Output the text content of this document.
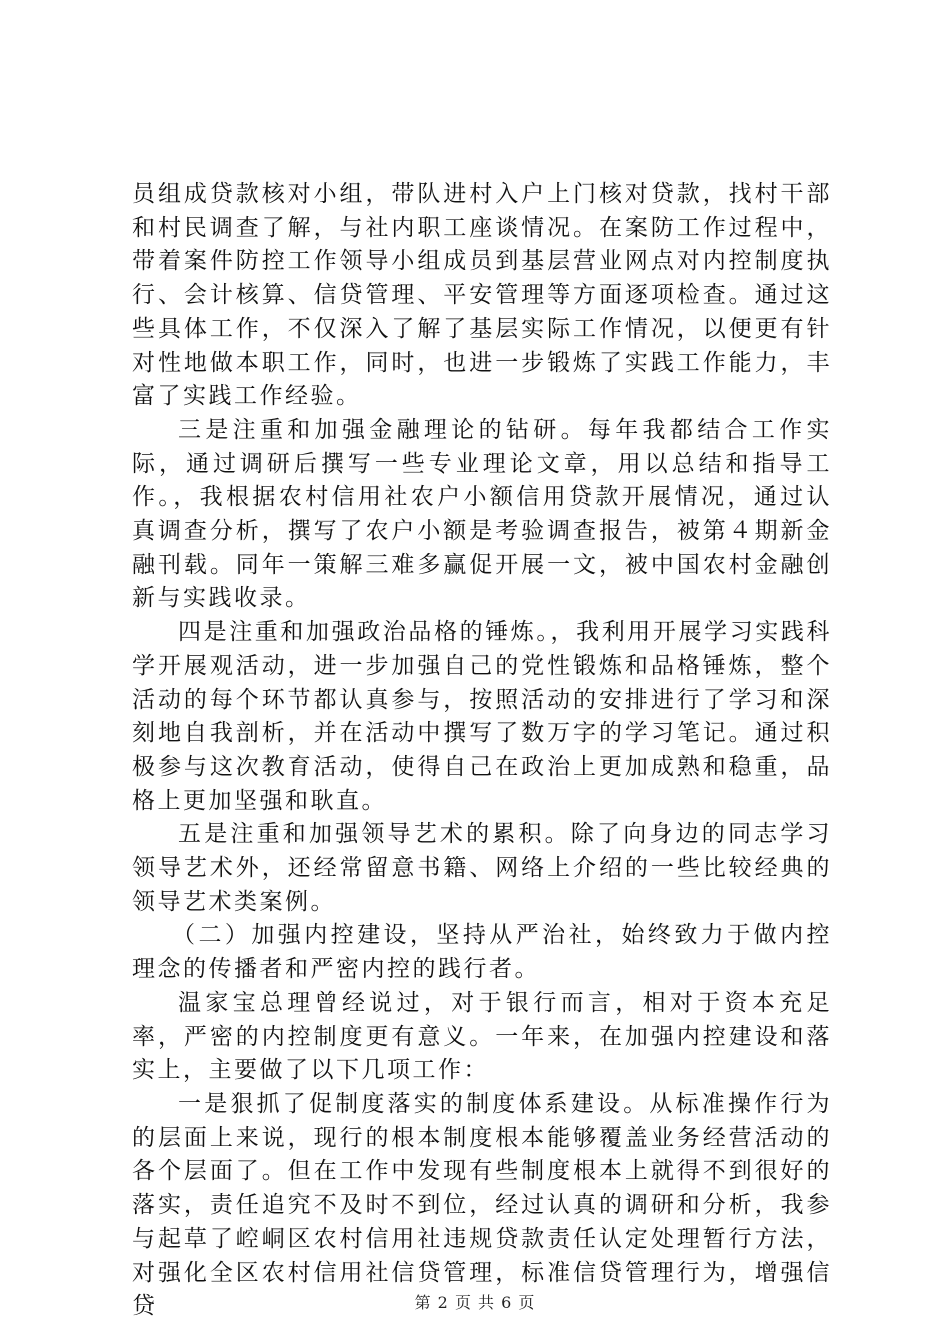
员组成贷款核对小组，带队进村入户上门核对贷款，找村干部和村民调查了解，与社内职工座谈情况。在案防工作过程中，带着案件防控工作领导小组成员到基层营业网点对内控制度执行、会计核算、信贷管理、平安管理等方面逐项检查。通过这些具体工作，不仅深入了解了基层实际工作情况，以便更有针对性地做本职工作，同时，也进一步锻炼了实践工作能力，丰富了实践工作经验。

三是注重和加强金融理论的钻研。每年我都结合工作实际，通过调研后撰写一些专业理论文章，用以总结和指导工作。，我根据农村信用社农户小额信用贷款开展情况，通过认真调查分析，撰写了农户小额是考验调查报告，被第４期新金融刊载。同年一策解三难多赢促开展一文，被中国农村金融创新与实践收录。

四是注重和加强政治品格的锤炼。，我利用开展学习实践科学开展观活动，进一步加强自己的党性锻炼和品格锤炼，整个活动的每个环节都认真参与，按照活动的安排进行了学习和深刻地自我剖析，并在活动中撰写了数万字的学习笔记。通过积极参与这次教育活动，使得自己在政治上更加成熟和稳重，品格上更加坚强和耿直。

五是注重和加强领导艺术的累积。除了向身边的同志学习领导艺术外，还经常留意书籍、网络上介绍的一些比较经典的领导艺术类案例。

（二）加强内控建设，坚持从严治社，始终致力于做内控理念的传播者和严密内控的践行者。

温家宝总理曾经说过，对于银行而言，相对于资本充足率，严密的内控制度更有意义。一年来，在加强内控建设和落实上，主要做了以下几项工作：

一是狠抓了促制度落实的制度体系建设。从标准操作行为的层面上来说，现行的根本制度根本能够覆盖业务经营活动的各个层面了。但在工作中发现有些制度根本上就得不到很好的落实，责任追究不及时不到位，经过认真的调研和分析，我参与起草了崆峒区农村信用社违规贷款责任认定处理暂行方法，对强化全区农村信用社信贷管理，标准信贷管理行为，增强信贷	第 2 页 共 6 页
